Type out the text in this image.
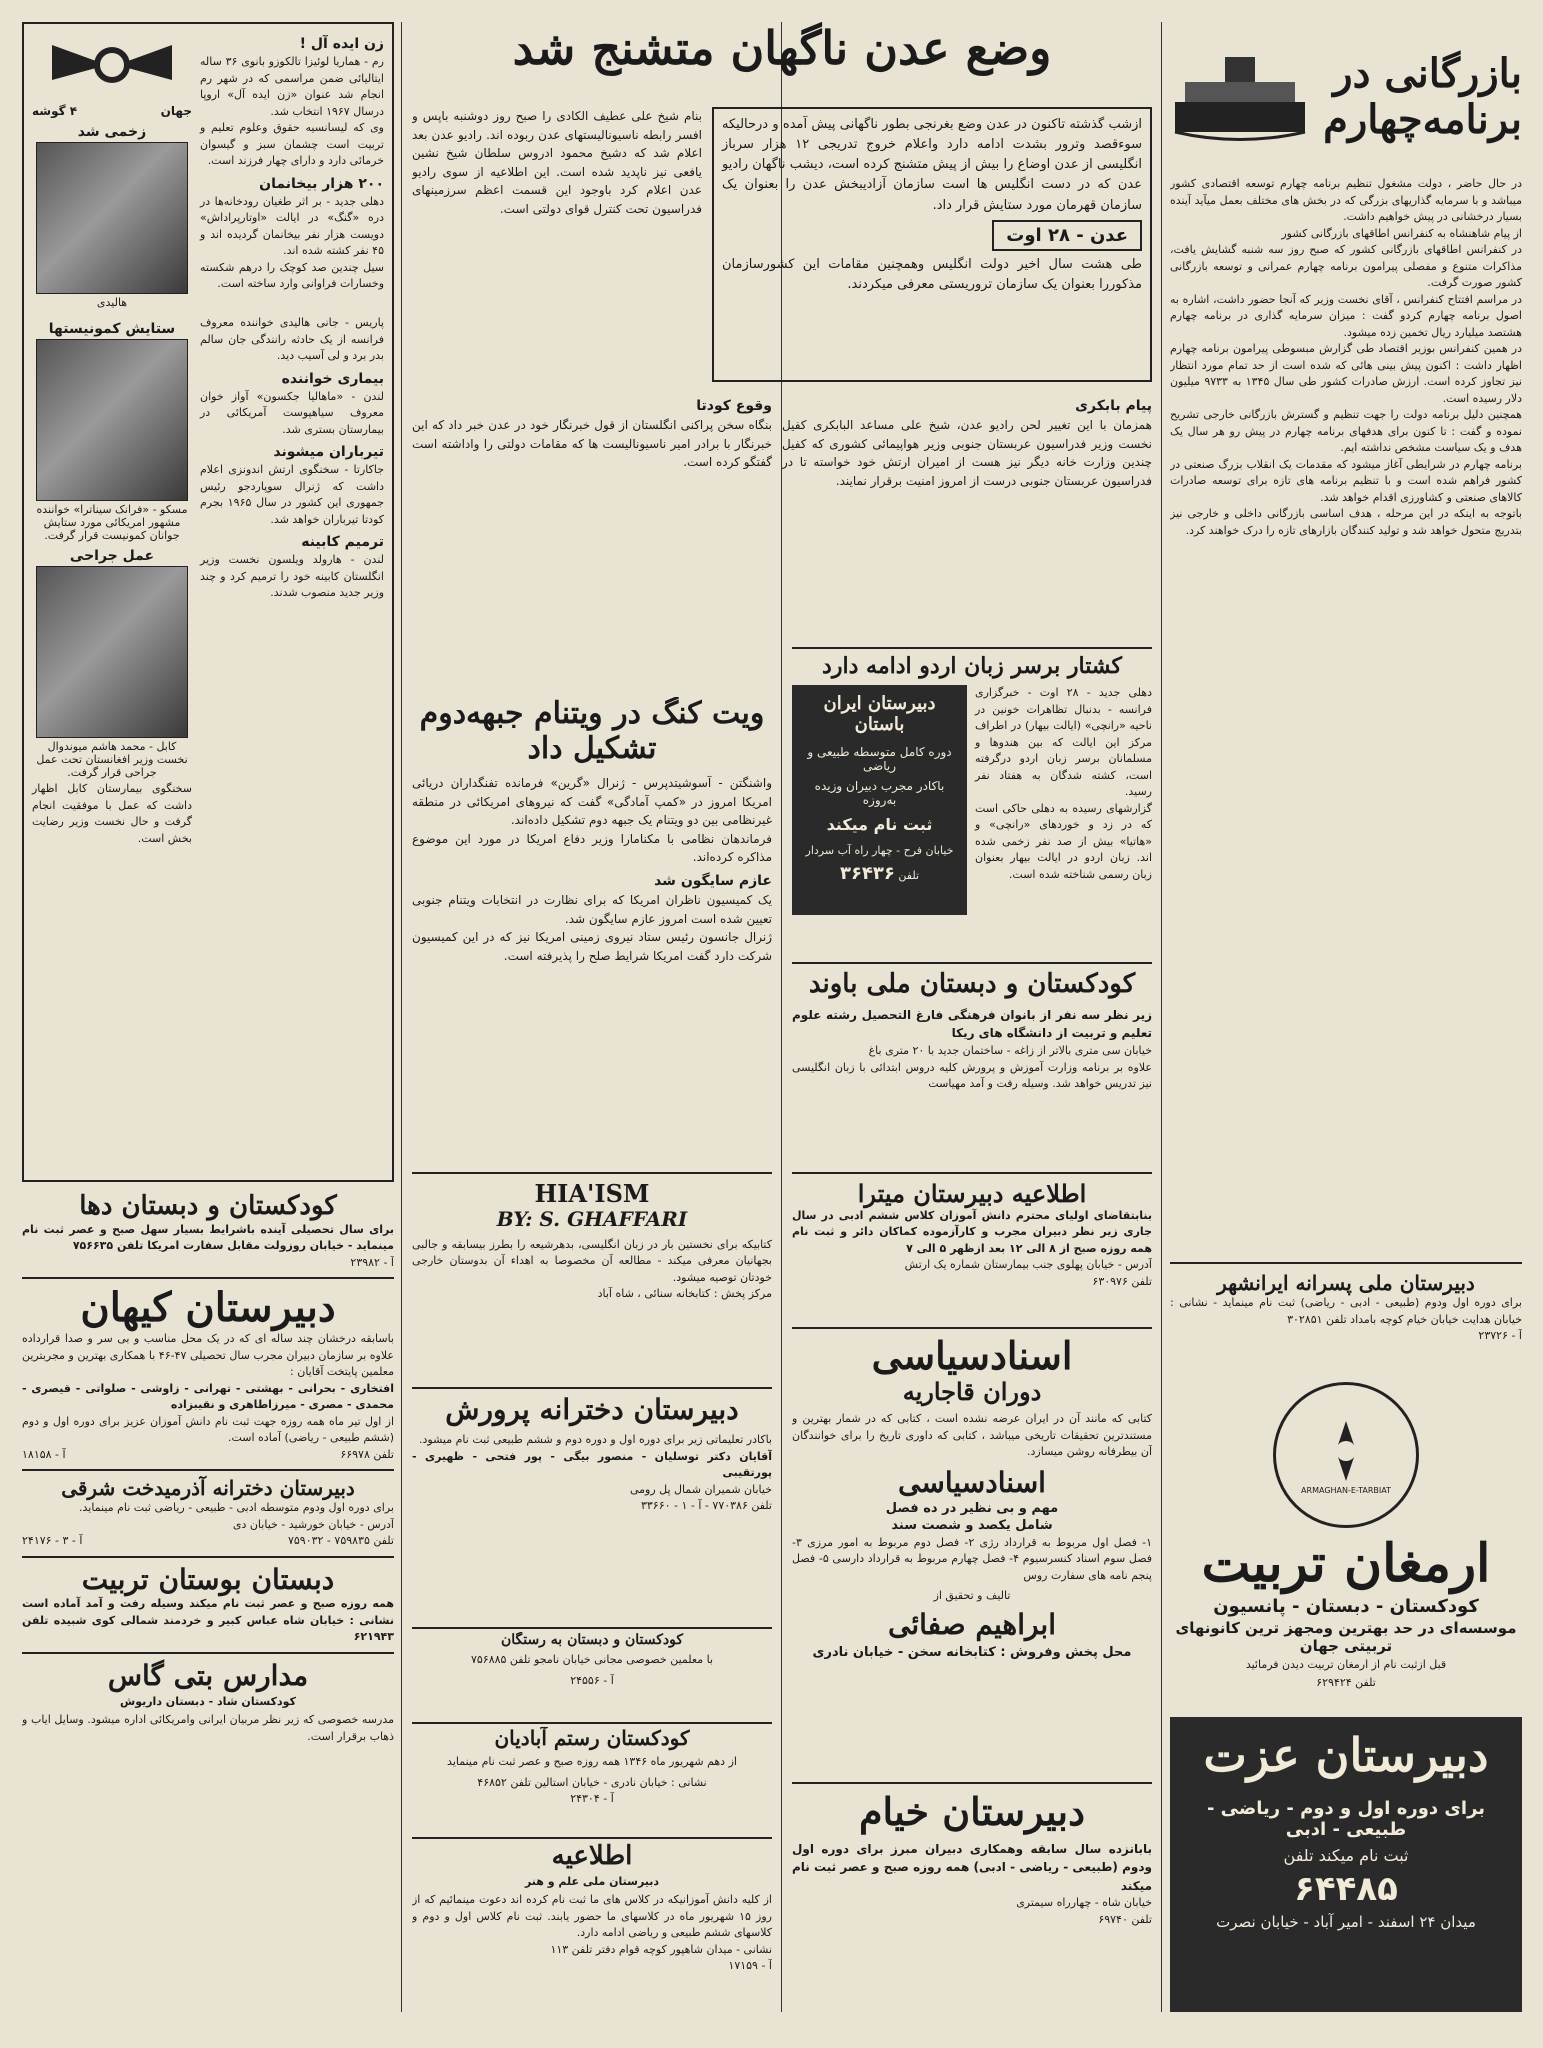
بازرگانی در برنامه‌چهارم

در حال حاضر ، دولت مشغول تنظیم برنامه چهارم توسعه اقتصادی کشور میباشد و با سرمایه گذاریهای بزرگی که در بخش های مختلف بعمل میآید آینده بسیار درخشانی در پیش خواهیم داشت.

از پیام شاهنشاه به کنفرانس اطاقهای بازرگانی کشور

در کنفرانس اطاقهای بازرگانی کشور که صبح روز سه شنبه گشایش یافت، مذاکرات متنوع و مفصلی پیرامون برنامه چهارم عمرانی و توسعه بازرگانی کشور صورت گرفت.

در مراسم افتتاح کنفرانس ، آقای نخست وزیر که آنجا حضور داشت، اشاره به اصول برنامه چهارم کردو گفت : میزان سرمایه گذاری در برنامه چهارم هشتصد میلیارد ریال تخمین زده میشود.

در همین کنفرانس بوزیر اقتصاد طی گزارش مبسوطی پیرامون برنامه چهارم اظهار داشت : اکنون پیش بینی هائی که شده است از حد تمام مورد انتظار نیز تجاوز کرده است. ارزش صادرات کشور طی سال ۱۳۴۵ به ۹۷۳۳ میلیون دلار رسیده است.

همچنین دلیل برنامه دولت را جهت تنظیم و گسترش بازرگانی خارجی تشریح نموده و گفت : تا کنون برای هدفهای برنامه چهارم در پیش رو هر سال یک هدف و یک سیاست مشخص نداشته ایم.

برنامه چهارم در شرایطی آغاز میشود که مقدمات یک انقلاب بزرگ صنعتی در کشور فراهم شده است و با تنظیم برنامه های تازه برای توسعه صادرات کالاهای صنعتی و کشاورزی اقدام خواهد شد.

باتوجه به اینکه در این مرحله ، هدف اساسی بازرگانی داخلی و خارجی نیز بتدریج متحول خواهد شد و تولید کنندگان بازارهای تازه را درک خواهند کرد.

دبیرستان ملی پسرانه ایرانشهر

برای دوره اول ودوم (طبیعی - ادبی - ریاضی) ثبت نام مینماید - نشانی : خیابان هدایت خیابان خیام کوچه بامداد تلفن ۳۰۲۸۵۱

آ - ۲۳۷۲۶

ARMAGHAN-E-TARBIAT
ارمغان تربیت

کودکستان - دبستان - پانسیون

موسسه‌ای در حد بهترین ومجهز ترین کانونهای تربیتی جهان

قبل ازثبت نام از ارمغان تربیت دیدن فرمائید

تلفن ۶۲۹۴۲۴

دبیرستان عزت

برای دوره اول و دوم - ریاضی - طبیعی - ادبی

ثبت نام میکند تلفن

۶۴۴۸۵

میدان ۲۴ اسفند - امیر آباد - خیابان نصرت

وضع عدن ناگهان متشنج شد

ازشب گذشته تاکنون در عدن وضع بغرنجی بطور ناگهانی پیش آمده و درحالیکه سوءقصد وترور بشدت ادامه دارد واعلام خروج تدریجی ۱۲ هزار سرباز انگلیسی از عدن اوضاع را بیش از پیش متشنج کرده است، دیشب ناگهان رادیو عدن که در دست انگلیس ها است سازمان آزادیبخش عدن را بعنوان یک سازمان قهرمان مورد ستایش قرار داد.

عدن - ۲۸ اوت

طی هشت سال اخیر دولت انگلیس وهمچنین مقامات این کشورسازمان مذکوررا بعنوان یک سازمان تروریستی معرفی میکردند.

بنام شیخ علی عطیف الکادی را صبح روز دوشنبه باپس و افسر رابطه ناسیونالیستهای عدن ربوده اند. رادیو عدن بعد اعلام شد که دشیخ محمود ادروس سلطان شیخ نشین یافعی نیز ناپدید شده است. این اطلاعیه از سوی رادیو عدن اعلام کرد باوجود این قسمت اعظم سرزمینهای فدراسیون تحت کنترل قوای دولتی است.

پیام بابکری

همزمان با این تغییر لحن رادیو عدن، شیخ علی مساعد البابکری کفیل نخست وزیر فدراسیون عربستان جنوبی وزیر هواپیمائی کشوری که کفیل چندین وزارت خانه دیگر نیز هست از امیران ارتش خود خواسته تا در فدراسیون عربستان جنوبی درست از امروز امنیت برقرار نمایند.

وقوع کودتا

بنگاه سخن پراکنی انگلستان از قول خبرنگار خود در عدن خبر داد که این خبرنگار با برادر امیر ناسیونالیست ها که مقامات دولتی را واداشته است گفتگو کرده است.

کشتار برسر زبان اردو ادامه دارد

دهلی جدید - ۲۸ اوت - خبرگزاری فرانسه - بدنبال تظاهرات خونین در ناحیه «رانچی» (ایالت بیهار) در اطراف مرکز این ایالت که بین هندوها و مسلمانان برسر زبان اردو درگرفته است، کشته شدگان به هفتاد نفر رسید.

گزارشهای رسیده به دهلی حاکی است که در زد و خوردهای «رانچی» و «هاتیا» بیش از صد نفر زخمی شده اند. زبان اردو در ایالت بیهار بعنوان زبان رسمی شناخته شده است.

دبیرستان ایران باستان
دوره کامل متوسطه طبیعی و ریاضی
باکادر مجرب دبیران وزیده به‌روزه
ثبت نام میکند
خیابان فرح - چهار راه آب سردار
تلفن ۳۶۴۳۶
ویت کنگ در ویتنام جبهه‌دوم تشکیل داد

واشنگتن - آسوشیتدپرس - ژنرال «گرین» فرمانده تفنگداران دریائی امریکا امروز در «کمپ آمادگی» گفت که نیروهای امریکائی در منطقه غیرنظامی بین دو ویتنام یک جبهه دوم تشکیل داده‌اند.

فرماندهان نظامی با مکنامارا وزیر دفاع امریکا در مورد این موضوع مذاکره کرده‌اند.

عازم سایگون شد

یک کمیسیون ناظران امریکا که برای نظارت در انتخابات ویتنام جنوبی تعیین شده است امروز عازم سایگون شد.

ژنرال جانسون رئیس ستاد نیروی زمینی امریکا نیز که در این کمیسیون شرکت دارد گفت امریکا شرایط صلح را پذیرفته است.

کودکستان و دبستان ملی باوند

زیر نظر سه نفر از بانوان فرهنگی فارغ التحصیل رشته علوم تعلیم و تربیت از دانشگاه های ریکا

خیابان سی متری بالاتر از زاغه - ساختمان جدید با ۲۰ متری باغ

علاوه بر برنامه وزارت آموزش و پرورش کلیه دروس ابتدائی با زبان انگلیسی نیز تدریس خواهد شد. وسیله رفت و آمد مهیاست

اطلاعیه دبیرستان میترا

بنابتقاضای اولیای محترم دانش آموزان کلاس ششم ادبی در سال جاری زیر نظر دبیران مجرب و کارآزموده کماکان دائر و ثبت نام همه روزه صبح از ۸ الی ۱۲ بعد ازظهر ۵ الی ۷

آدرس - خیابان پهلوی جنب بیمارستان شماره یک ارتش

تلفن ۶۳۰۹۷۶

اسنادسیاسی
دوران قاجاریه

کتابی که مانند آن در ایران عرضه نشده است ، کتابی که در شمار بهترین و مستندترین تحقیقات تاریخی میباشد ، کتابی که داوری تاریخ را برای خوانندگان آن بیطرفانه روشن میسازد.

اسنادسیاسی

مهم و بی نظیر در ده فصل

شامل یکصد و شصت سند

۱- فصل اول مربوط به قرارداد رژی ۲- فصل دوم مربوط به امور مرزی ۳- فصل سوم اسناد کنسرسیوم ۴- فصل چهارم مربوط به قرارداد دارسی ۵- فصل پنجم نامه های سفارت روس

تالیف و تحقیق از

ابراهیم صفائی

محل پخش وفروش : کتابخانه سخن - خیابان نادری

دبیرستان خیام

بابانزده سال سابقه وهمکاری دبیران مبرز برای دوره اول ودوم (طبیعی - ریاضی - ادبی) همه روزه صبح و عصر ثبت نام میکند

خیابان شاه - چهارراه سیمتری

تلفن ۶۹۷۴۰

HIA'ISM
BY: S. GHAFFARI

کتابیکه برای نخستین بار در زبان انگلیسی، بدهرشیعه را بطرز بیسابقه و جالبی بجهانیان معرفی میکند - مطالعه آن مخصوصا به اهداء آن بدوستان خارجی خودتان توصیه میشود.

مرکز پخش : کتابخانه سنائی ، شاه آباد

دبیرستان دخترانه پرورش

باکادر تعلیماتی زیر برای دوره اول و دوره دوم و ششم طبیعی ثبت نام میشود.

آقایان دکتر توسلیان - منصور بیگی - پور فتحی - ظهیری - پورتقیبی

خیابان شمیران شمال پل رومی

تلفن ۷۷۰۳۸۶ - آ - ۱ - ۳۳۶۶۰

کودکستان و دبستان به رستگان

با معلمین خصوصی مجانی خیابان نامجو تلفن ۷۵۶۸۸۵

آ - ۲۴۵۵۶

کودکستان رستم آبادیان

از دهم شهریور ماه ۱۳۴۶ همه روزه صبح و عصر ثبت نام مینماید

نشانی : خیابان نادری - خیابان استالین تلفن ۴۶۸۵۲

آ - ۲۴۳۰۴

اطلاعیه

دبیرستان ملی علم و هنر

از کلیه دانش آموزانیکه در کلاس های ما ثبت نام کرده اند دعوت مینمائیم که از روز ۱۵ شهریور ماه در کلاسهای ما حضور یابند. ثبت نام کلاس اول و دوم و کلاسهای ششم طبیعی و ریاضی ادامه دارد.

نشانی - میدان شاهپور کوچه قوام دفتر تلفن ۱۱۳

آ - ۱۷۱۵۹

زن ایده آل !

رم - هماریا لوئیزا تالکوزو بانوی ۳۶ ساله ایتالیائی ضمن مراسمی که در شهر رم انجام شد عنوان «زن ایده آل» اروپا درسال ۱۹۶۷ انتخاب شد.

وی که لیسانسیه حقوق وعلوم تعلیم و تربیت است چشمان سبز و گیسوان خرمائی دارد و دارای چهار فرزند است.

۲۰۰ هزار بیخانمان

دهلی جدید - بر اثر طغیان رودخانه‌ها در دره «گنگ» در ایالت «اوتارپراداش» دویست هزار نفر بیخانمان گردیده اند و ۴۵ نفر کشته شده اند.

سیل چندین صد کوچک را درهم شکسته وخسارات فراوانی وارد ساخته است.

جهان
۴ گوشه

زخمی شد

هالیدی

پاریس - جانی هالیدی خواننده معروف فرانسه از یک حادثه رانندگی جان سالم بدر برد و لی آسیب دید.

بیماری خواننده

لندن - «ماهالیا جکسون» آواز خوان معروف سیاهپوست آمریکائی در بیمارستان بستری شد.

تیرباران میشوند

جاکارتا - سخنگوی ارتش اندونزی اعلام داشت که ژنرال سوپاردجو رئیس جمهوری این کشور در سال ۱۹۶۵ بجرم کودتا تیرباران خواهد شد.

ترمیم کابینه

لندن - هارولد ویلسون نخست وزیر انگلستان کابینه خود را ترمیم کرد و چند وزیر جدید منصوب شدند.

ستایش کمونیستها

مسکو - «فرانک سیناترا» خواننده مشهور امریکائی مورد ستایش جوانان کمونیست قرار گرفت.

عمل جراحی

کابل - محمد هاشم میوندوال نخست وزیر افغانستان تحت عمل جراحی قرار گرفت.

سخنگوی بیمارستان کابل اظهار داشت که عمل با موفقیت انجام گرفت و حال نخست وزیر رضایت بخش است.

کودکستان و دبستان دها

برای سال تحصیلی آینده باشرایط بسیار سهل صبح و عصر ثبت نام مینماید - خیابان روزولت مقابل سفارت امریکا تلفن ۷۵۶۶۳۵

آ - ۲۳۹۸۲

دبیرستان کیهان

باسابقه درخشان چند ساله ای که در یک محل مناسب و بی سر و صدا قرارداده علاوه بر سازمان دبیران مجرب سال تحصیلی ۴۷-۴۶ با همکاری بهترین و مجربترین معلمین پایتخت آقایان :

افتخاری - بحرانی - بهشتی - تهرانی - زاوشی - صلواتی - قیصری - محمدی - مصری - میرزاطاهری و نقیبزاده

از اول تیر ماه همه روزه جهت ثبت نام دانش آموزان عزیز برای دوره اول و دوم (ششم طبیعی - ریاضی) آماده است.

تلفن ۶۶۹۷۸
آ - ۱۸۱۵۸
دبیرستان دخترانه آذرمیدخت شرقی

برای دوره اول ودوم متوسطه ادبی - طبیعی - ریاضی ثبت نام مینماید.

آدرس - خیابان خورشید - خیابان دی

تلفن ۷۵۹۸۳۵ - ۷۵۹۰۳۲
آ - ۳ - ۲۴۱۷۶
دبستان بوستان تربیت

همه روزه صبح و عصر ثبت نام میکند وسیله رفت و آمد آماده است نشانی : خیابان شاه عباس کبیر و خردمند شمالی کوی شبیده تلفن ۶۲۱۹۴۳

مدارس بتی گاس

کودکستان شاد - دبستان داریوش

مدرسه خصوصی که زیر نظر مربیان ایرانی وامریکائی اداره میشود. وسایل ایاب و ذهاب برقرار است.
